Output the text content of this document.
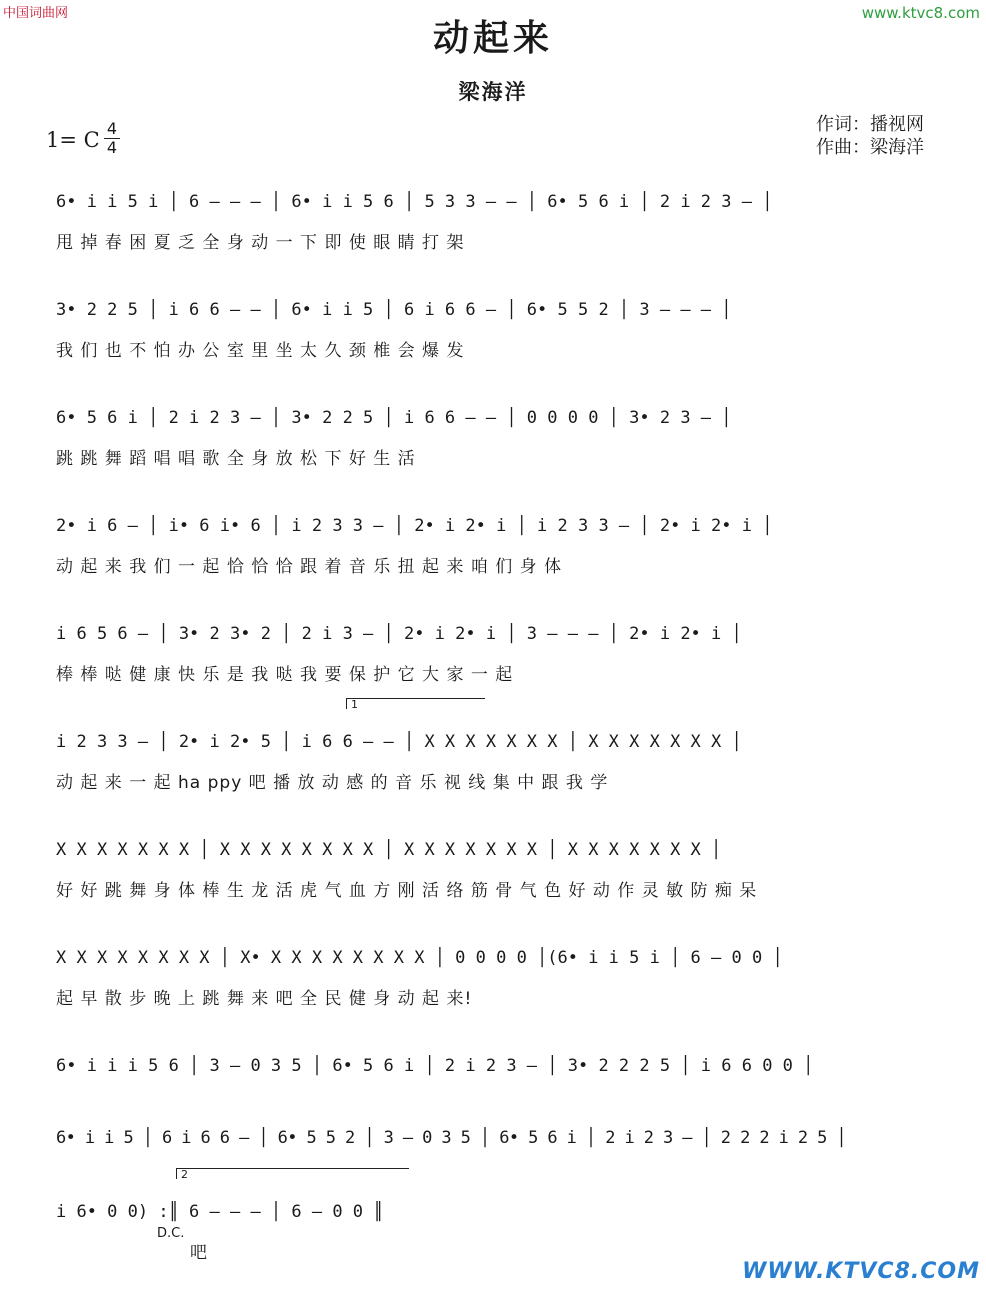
中国词曲网	www.ktvc8.com
动起来
梁海洋
作词：播视网
作曲：梁海洋
1= C 4
4
6• i i 5 i │ 6 – – – │ 6• i i 5 6 │ 5 3 3 – – │ 6• 5 6 i │ 2 i 2 3 – │
甩 掉 春 困 夏 乏 全 身 动 一 下 即 使 眼 睛 打 架
3• 2 2 5 │ i 6 6 – – │ 6• i i 5 │ 6 i 6 6 – │ 6• 5 5 2 │ 3 – – – │
我 们 也 不 怕 办 公 室 里 坐 太 久 颈 椎 会 爆 发
6• 5 6 i │ 2 i 2 3 – │ 3• 2 2 5 │ i 6 6 – – │ 0 0 0 0 │ 3• 2 3 – │
跳 跳 舞 蹈 唱 唱 歌 全 身 放 松 下 好 生 活
2• i 6 – │ i• 6 i• 6 │ i 2 3 3 – │ 2• i 2• i │ i 2 3 3 – │ 2• i 2• i │
动 起 来 我 们 一 起 恰 恰 恰 跟 着 音 乐 扭 起 来 咱 们 身 体
i 6 5 6 – │ 3• 2 3• 2 │ 2 i 3 – │ 2• i 2• i │ 3 – – – │ 2• i 2• i │
棒 棒 哒 健 康 快 乐 是 我 哒 我 要 保 护 它 大 家 一 起
1
i 2 3 3 – │ 2• i 2• 5 │ i 6 6 – – │ X X X X X X X │ X X X X X X X │
动 起 来 一 起 ha ppy 吧 播 放 动 感 的 音 乐 视 线 集 中 跟 我 学
X X X X X X X │ X X X X X X X X │ X X X X X X X │ X X X X X X X │
好 好 跳 舞 身 体 棒 生 龙 活 虎 气 血 方 刚 活 络 筋 骨 气 色 好 动 作 灵 敏 防 痴 呆
X X X X X X X X │ X• X X X X X X X X │ 0 0 0 0 │(6• i i 5 i │ 6 – 0 0 │
起 早 散 步 晚 上 跳 舞 来 吧 全 民 健 身 动 起 来!
6• i i i 5 6 │ 3 – 0 3 5 │ 6• 5 6 i │ 2 i 2 3 – │ 3• 2 2 2 5 │ i 6 6 0 0 │
6• i i 5 │ 6 i 6 6 – │ 6• 5 5 2 │ 3 – 0 3 5 │ 6• 5 6 i │ 2 i 2 3 – │ 2 2 2 i 2 5 │
2
i 6• 0 0) :║ 6 – – – │ 6 – 0 0 ║
D.C.
吧
WWW.KTVC8.COM
